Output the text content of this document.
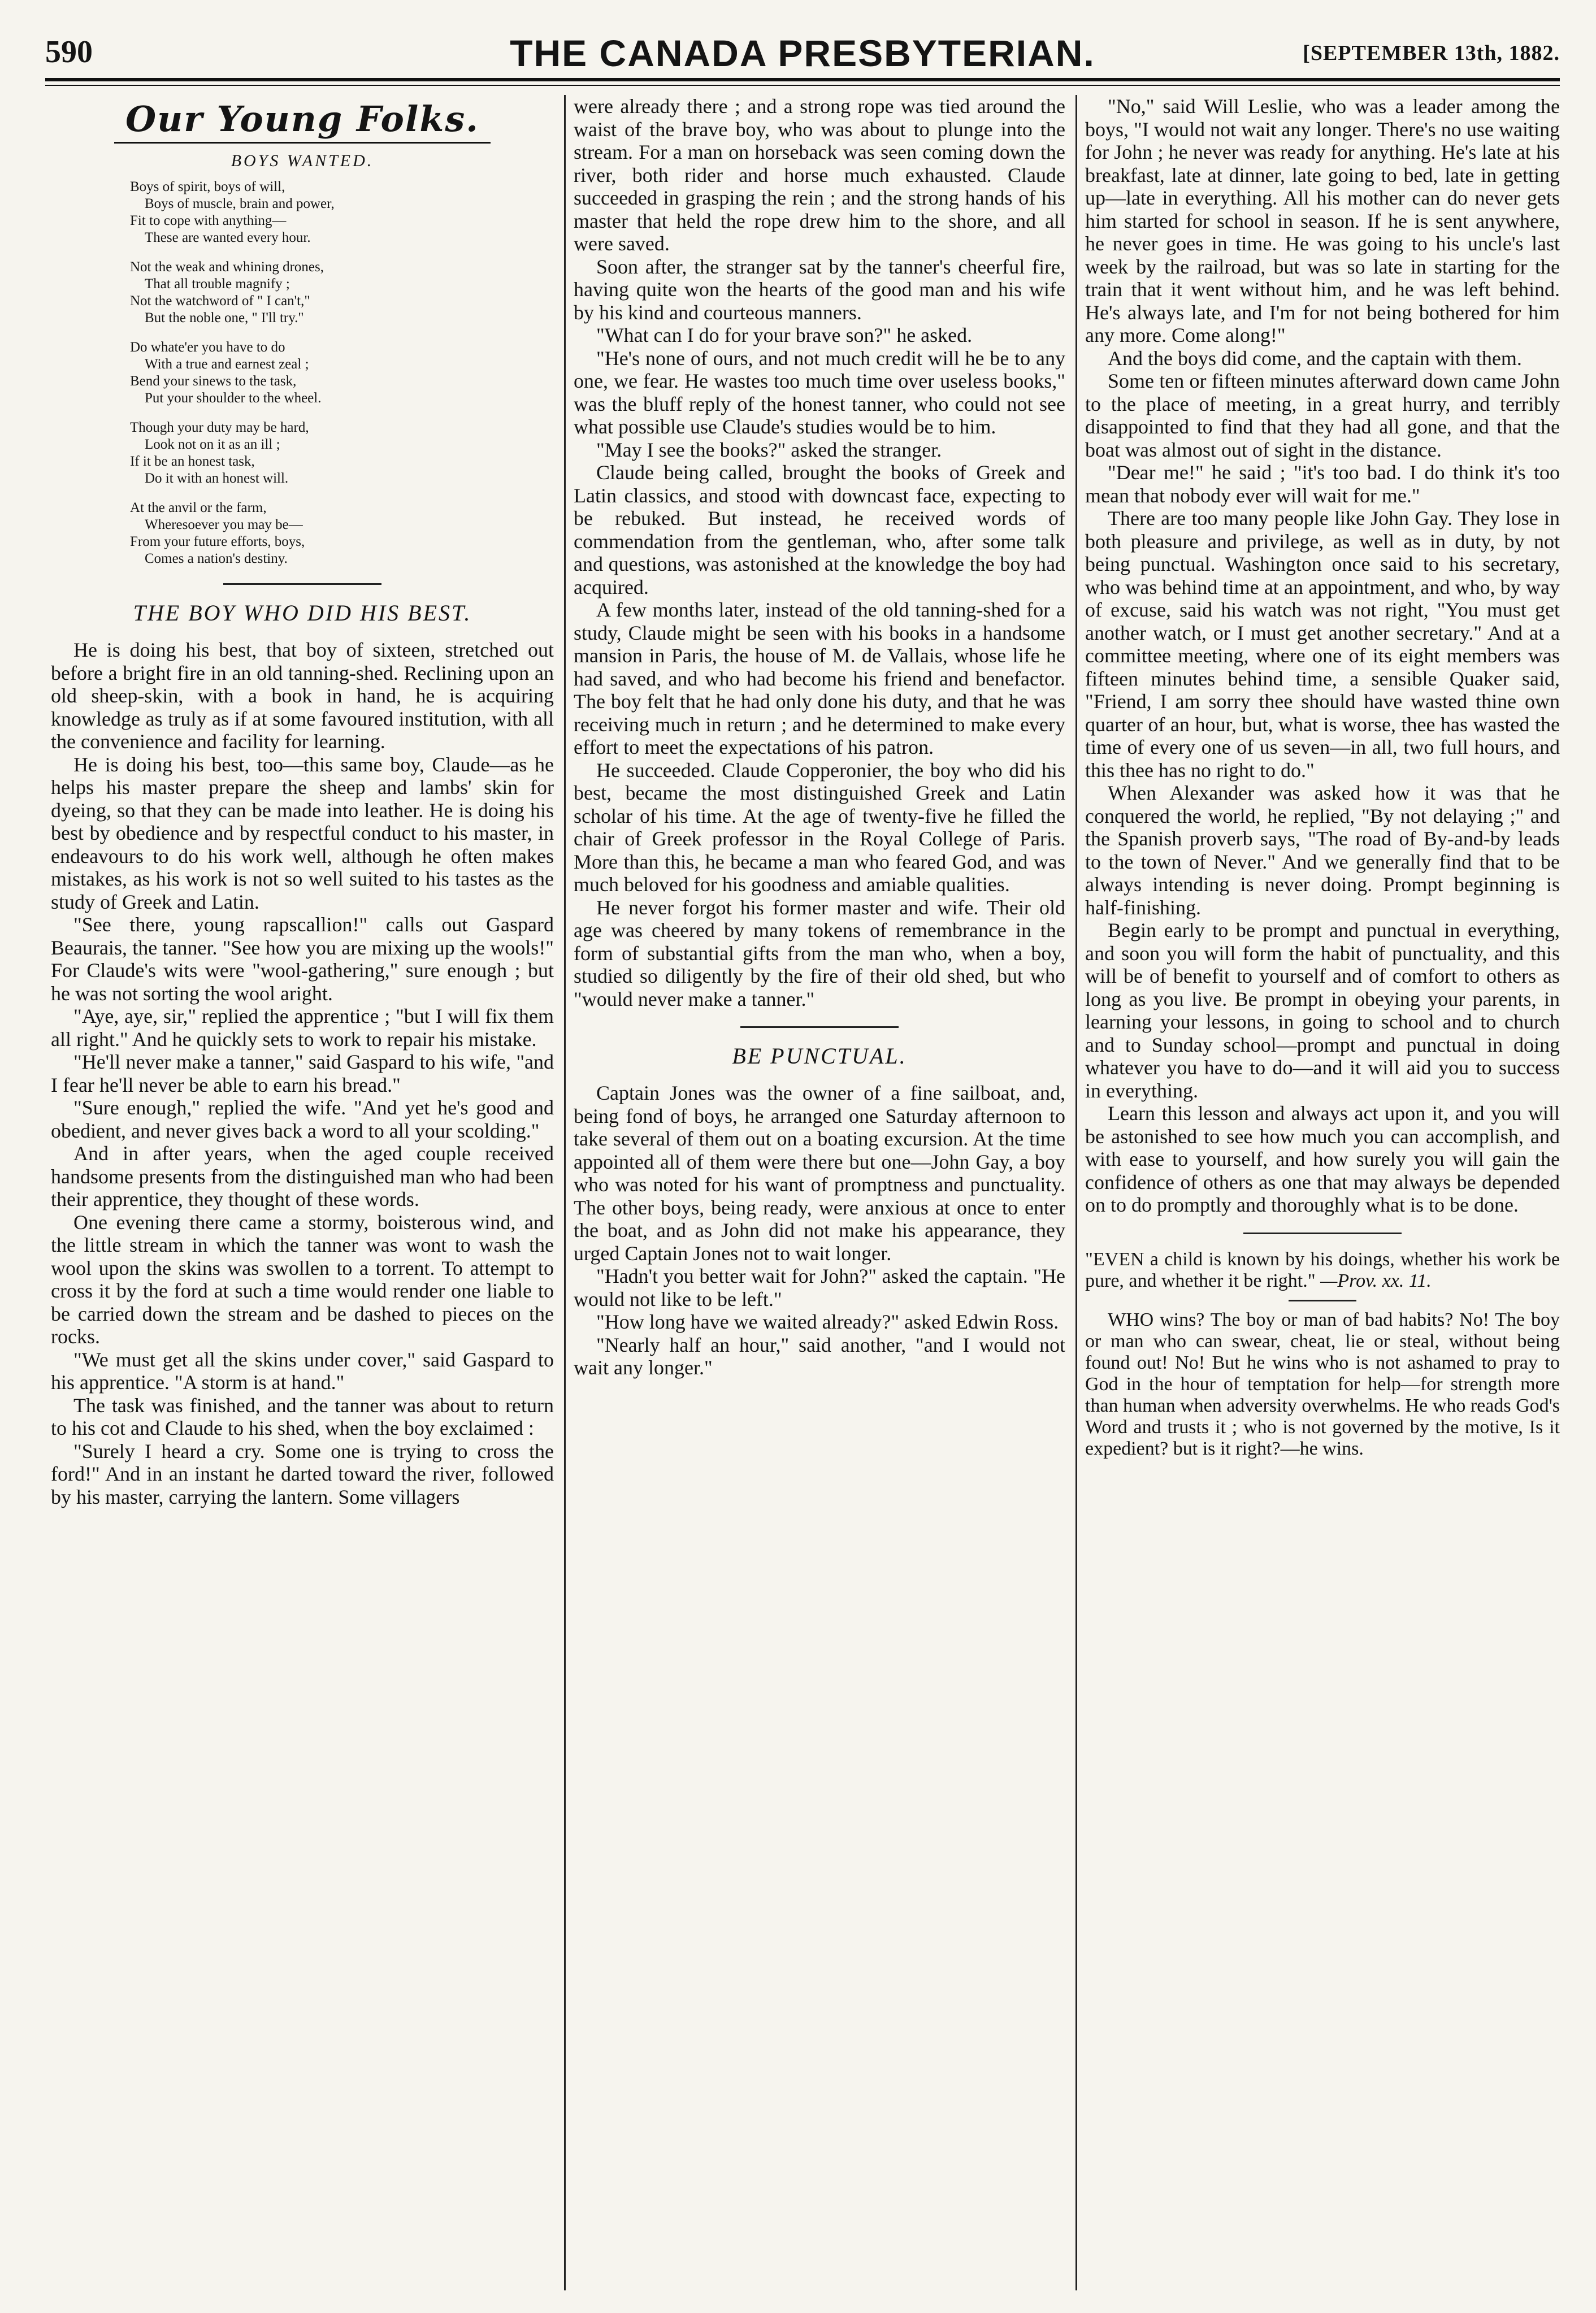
590	THE CANADA PRESBYTERIAN.	[SEPTEMBER 13th, 1882.
Our Young Folks.
BOYS WANTED.
Boys of spirit, boys of will,
Boys of muscle, brain and power,
Fit to cope with anything—
These are wanted every hour.
Not the weak and whining drones,
That all trouble magnify ;
Not the watchword of " I can't,"
But the noble one, " I'll try."
Do whate'er you have to do
With a true and earnest zeal ;
Bend your sinews to the task,
Put your shoulder to the wheel.
Though your duty may be hard,
Look not on it as an ill ;
If it be an honest task,
Do it with an honest will.
At the anvil or the farm,
Wheresoever you may be—
From your future efforts, boys,
Comes a nation's destiny.
THE BOY WHO DID HIS BEST.

He is doing his best, that boy of sixteen, stretched out before a bright fire in an old tanning-shed. Reclining upon an old sheep-skin, with a book in hand, he is acquiring knowledge as truly as if at some favoured institution, with all the convenience and facility for learning.

He is doing his best, too—this same boy, Claude—as he helps his master prepare the sheep and lambs' skin for dyeing, so that they can be made into leather. He is doing his best by obedience and by respectful conduct to his master, in endeavours to do his work well, although he often makes mistakes, as his work is not so well suited to his tastes as the study of Greek and Latin.

"See there, young rapscallion!" calls out Gaspard Beaurais, the tanner. "See how you are mixing up the wools!" For Claude's wits were "wool-gathering," sure enough ; but he was not sorting the wool aright.

"Aye, aye, sir," replied the apprentice ; "but I will fix them all right." And he quickly sets to work to repair his mistake.

"He'll never make a tanner," said Gaspard to his wife, "and I fear he'll never be able to earn his bread."

"Sure enough," replied the wife. "And yet he's good and obedient, and never gives back a word to all your scolding."

And in after years, when the aged couple received handsome presents from the distinguished man who had been their apprentice, they thought of these words.

One evening there came a stormy, boisterous wind, and the little stream in which the tanner was wont to wash the wool upon the skins was swollen to a torrent. To attempt to cross it by the ford at such a time would render one liable to be carried down the stream and be dashed to pieces on the rocks.

"We must get all the skins under cover," said Gaspard to his apprentice. "A storm is at hand."

The task was finished, and the tanner was about to return to his cot and Claude to his shed, when the boy exclaimed :

"Surely I heard a cry. Some one is trying to cross the ford!" And in an instant he darted toward the river, followed by his master, carrying the lantern. Some villagers

were already there ; and a strong rope was tied around the waist of the brave boy, who was about to plunge into the stream. For a man on horseback was seen coming down the river, both rider and horse much exhausted. Claude succeeded in grasping the rein ; and the strong hands of his master that held the rope drew him to the shore, and all were saved.

Soon after, the stranger sat by the tanner's cheerful fire, having quite won the hearts of the good man and his wife by his kind and courteous manners.

"What can I do for your brave son?" he asked.

"He's none of ours, and not much credit will he be to any one, we fear. He wastes too much time over useless books," was the bluff reply of the honest tanner, who could not see what possible use Claude's studies would be to him.

"May I see the books?" asked the stranger.

Claude being called, brought the books of Greek and Latin classics, and stood with downcast face, expecting to be rebuked. But instead, he received words of commendation from the gentleman, who, after some talk and questions, was astonished at the knowledge the boy had acquired.

A few months later, instead of the old tanning-shed for a study, Claude might be seen with his books in a handsome mansion in Paris, the house of M. de Vallais, whose life he had saved, and who had become his friend and benefactor. The boy felt that he had only done his duty, and that he was receiving much in return ; and he determined to make every effort to meet the expectations of his patron.

He succeeded. Claude Copperonier, the boy who did his best, became the most distinguished Greek and Latin scholar of his time. At the age of twenty-five he filled the chair of Greek professor in the Royal College of Paris. More than this, he became a man who feared God, and was much beloved for his goodness and amiable qualities.

He never forgot his former master and wife. Their old age was cheered by many tokens of remembrance in the form of substantial gifts from the man who, when a boy, studied so diligently by the fire of their old shed, but who "would never make a tanner."

BE PUNCTUAL.

Captain Jones was the owner of a fine sailboat, and, being fond of boys, he arranged one Saturday afternoon to take several of them out on a boating excursion. At the time appointed all of them were there but one—John Gay, a boy who was noted for his want of promptness and punctuality. The other boys, being ready, were anxious at once to enter the boat, and as John did not make his appearance, they urged Captain Jones not to wait longer.

"Hadn't you better wait for John?" asked the captain. "He would not like to be left."

"How long have we waited already?" asked Edwin Ross.

"Nearly half an hour," said another, "and I would not wait any longer."

"No," said Will Leslie, who was a leader among the boys, "I would not wait any longer. There's no use waiting for John ; he never was ready for anything. He's late at his breakfast, late at dinner, late going to bed, late in getting up—late in everything. All his mother can do never gets him started for school in season. If he is sent anywhere, he never goes in time. He was going to his uncle's last week by the railroad, but was so late in starting for the train that it went without him, and he was left behind. He's always late, and I'm for not being bothered for him any more. Come along!"

And the boys did come, and the captain with them.

Some ten or fifteen minutes afterward down came John to the place of meeting, in a great hurry, and terribly disappointed to find that they had all gone, and that the boat was almost out of sight in the distance.

"Dear me!" he said ; "it's too bad. I do think it's too mean that nobody ever will wait for me."

There are too many people like John Gay. They lose in both pleasure and privilege, as well as in duty, by not being punctual. Washington once said to his secretary, who was behind time at an appointment, and who, by way of excuse, said his watch was not right, "You must get another watch, or I must get another secretary." And at a committee meeting, where one of its eight members was fifteen minutes behind time, a sensible Quaker said, "Friend, I am sorry thee should have wasted thine own quarter of an hour, but, what is worse, thee has wasted the time of every one of us seven—in all, two full hours, and this thee has no right to do."

When Alexander was asked how it was that he conquered the world, he replied, "By not delaying ;" and the Spanish proverb says, "The road of By-and-by leads to the town of Never." And we generally find that to be always intending is never doing. Prompt beginning is half-finishing.

Begin early to be prompt and punctual in everything, and soon you will form the habit of punctuality, and this will be of benefit to yourself and of comfort to others as long as you live. Be prompt in obeying your parents, in learning your lessons, in going to school and to church and to Sunday school—prompt and punctual in doing whatever you have to do—and it will aid you to success in everything.

Learn this lesson and always act upon it, and you will be astonished to see how much you can accomplish, and with ease to yourself, and how surely you will gain the confidence of others as one that may always be depended on to do promptly and thoroughly what is to be done.

"EVEN a child is known by his doings, whether his work be pure, and whether it be right." —Prov. xx. 11.

WHO wins? The boy or man of bad habits? No! The boy or man who can swear, cheat, lie or steal, without being found out! No! But he wins who is not ashamed to pray to God in the hour of temptation for help—for strength more than human when adversity overwhelms. He who reads God's Word and trusts it ; who is not governed by the motive, Is it expedient? but is it right?—he wins.
